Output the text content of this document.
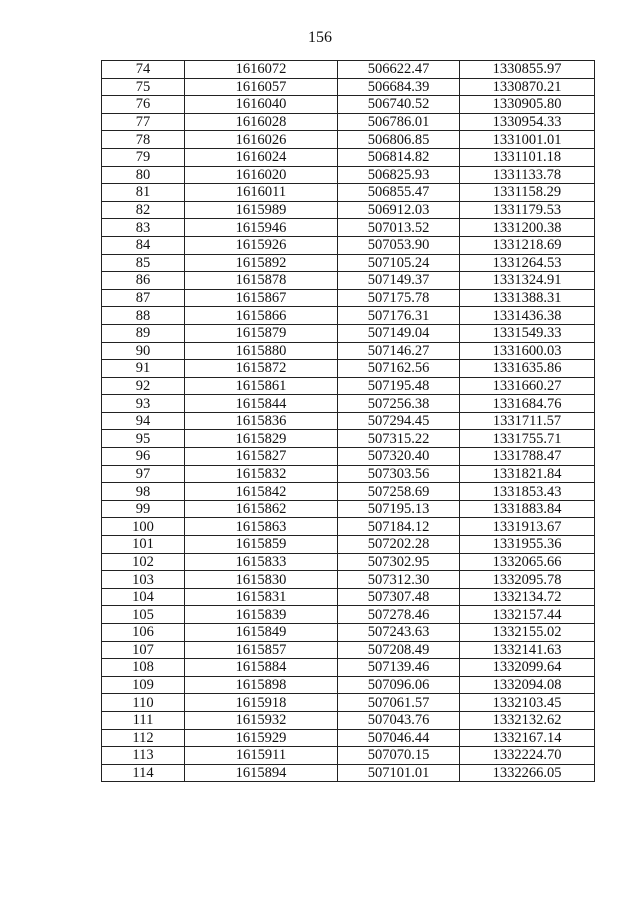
156
74	1616072	506622.47	1330855.97
75	1616057	506684.39	1330870.21
76	1616040	506740.52	1330905.80
77	1616028	506786.01	1330954.33
78	1616026	506806.85	1331001.01
79	1616024	506814.82	1331101.18
80	1616020	506825.93	1331133.78
81	1616011	506855.47	1331158.29
82	1615989	506912.03	1331179.53
83	1615946	507013.52	1331200.38
84	1615926	507053.90	1331218.69
85	1615892	507105.24	1331264.53
86	1615878	507149.37	1331324.91
87	1615867	507175.78	1331388.31
88	1615866	507176.31	1331436.38
89	1615879	507149.04	1331549.33
90	1615880	507146.27	1331600.03
91	1615872	507162.56	1331635.86
92	1615861	507195.48	1331660.27
93	1615844	507256.38	1331684.76
94	1615836	507294.45	1331711.57
95	1615829	507315.22	1331755.71
96	1615827	507320.40	1331788.47
97	1615832	507303.56	1331821.84
98	1615842	507258.69	1331853.43
99	1615862	507195.13	1331883.84
100	1615863	507184.12	1331913.67
101	1615859	507202.28	1331955.36
102	1615833	507302.95	1332065.66
103	1615830	507312.30	1332095.78
104	1615831	507307.48	1332134.72
105	1615839	507278.46	1332157.44
106	1615849	507243.63	1332155.02
107	1615857	507208.49	1332141.63
108	1615884	507139.46	1332099.64
109	1615898	507096.06	1332094.08
110	1615918	507061.57	1332103.45
111	1615932	507043.76	1332132.62
112	1615929	507046.44	1332167.14
113	1615911	507070.15	1332224.70
114	1615894	507101.01	1332266.05
